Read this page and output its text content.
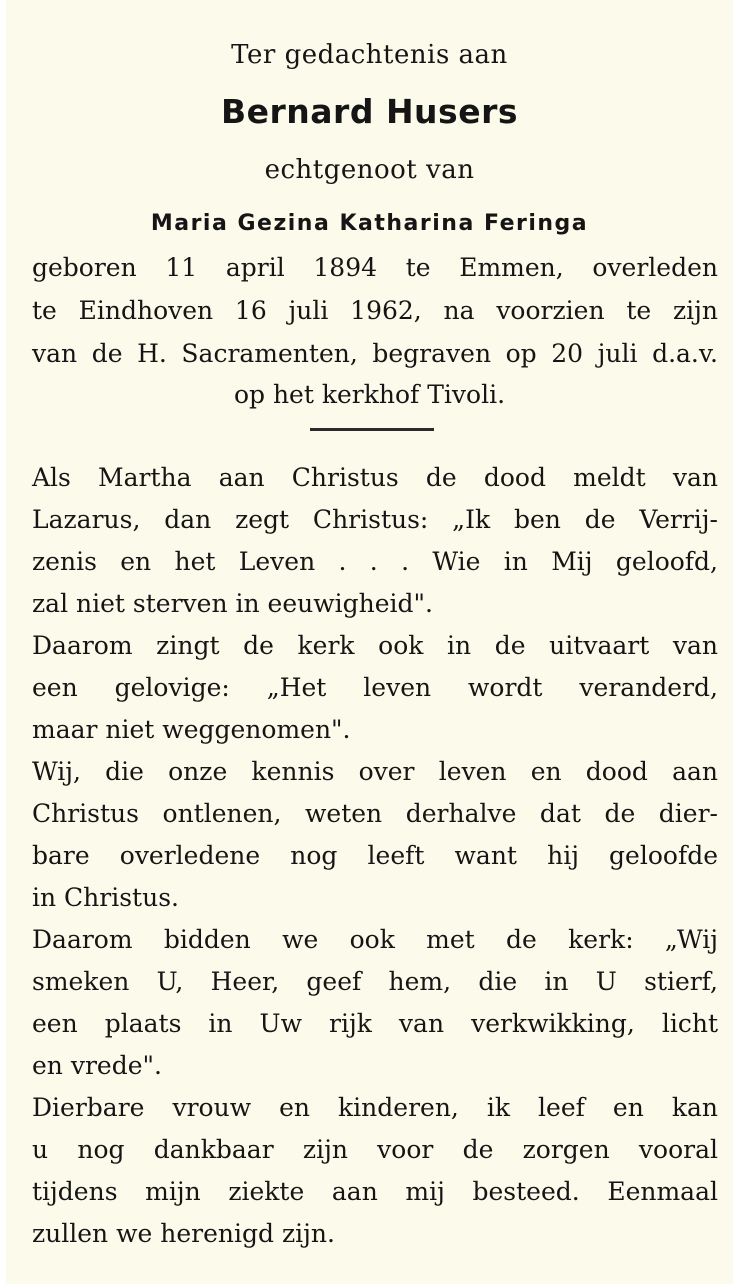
Ter gedachtenis aan
Bernard Husers
echtgenoot van
Maria Gezina Katharina Feringa
geboren 11 april 1894 te Emmen, overleden
te Eindhoven 16 juli 1962, na voorzien te zijn
van de H. Sacramenten, begraven op 20 juli d.a.v.
op het kerkhof Tivoli.
Als Martha aan Christus de dood meldt van
Lazarus, dan zegt Christus: „Ik ben de Verrij-
zenis en het Leven . . . Wie in Mij geloofd,
zal niet sterven in eeuwigheid".
Daarom zingt de kerk ook in de uitvaart van
een gelovige: „Het leven wordt veranderd,
maar niet weggenomen".
Wij, die onze kennis over leven en dood aan
Christus ontlenen, weten derhalve dat de dier-
bare overledene nog leeft want hij geloofde
in Christus.
Daarom bidden we ook met de kerk: „Wij
smeken U, Heer, geef hem, die in U stierf,
een plaats in Uw rijk van verkwikking, licht
en vrede".
Dierbare vrouw en kinderen, ik leef en kan
u nog dankbaar zijn voor de zorgen vooral
tijdens mijn ziekte aan mij besteed. Eenmaal
zullen we herenigd zijn.
